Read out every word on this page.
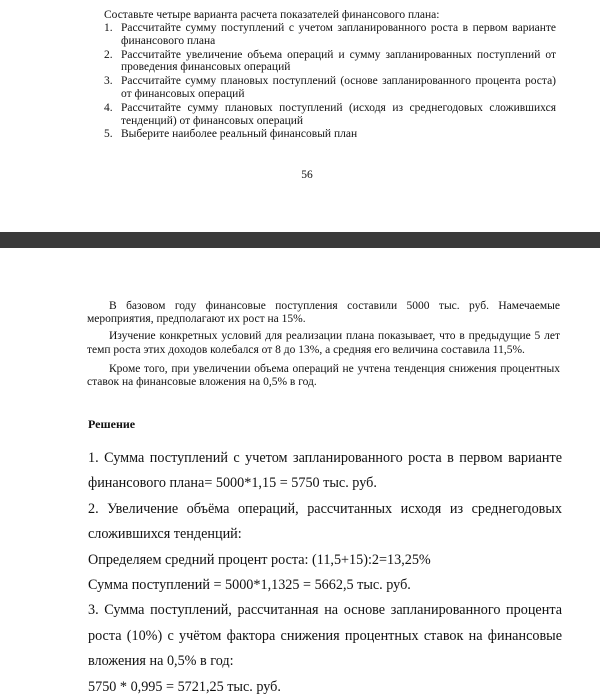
Составьте четыре варианта расчета показателей финансового плана:
1. Рассчитайте сумму поступлений с учетом запланированного роста в первом варианте финансового плана
2. Рассчитайте увеличение объема операций и сумму запланированных поступлений от проведения финансовых операций
3. Рассчитайте сумму плановых поступлений (основе запланированного процента роста) от финансовых операций
4. Рассчитайте сумму плановых поступлений (исходя из среднегодовых сложившихся тенденций) от финансовых операций
5. Выберите наиболее реальный финансовый план
56

В базовом году финансовые поступления составили 5000 тыс. руб. Намечаемые мероприятия, предполагают их рост на 15%.

Изучение конкретных условий для реализации плана показывает, что в предыдущие 5 лет темп роста этих доходов колебался от 8 до 13%, а средняя его величина составила 11,5%.

Кроме того, при увеличении объема операций не учтена тенденция снижения процентных ставок на финансовые вложения на 0,5% в год.

Решение

1. Сумма поступлений с учетом запланированного роста в первом варианте финансового плана= 5000*1,15 = 5750 тыс. руб.

2. Увеличение объёма операций, рассчитанных исходя из среднегодовых сложившихся тенденций:

Определяем средний процент роста: (11,5+15):2=13,25%

Сумма поступлений = 5000*1,1325 = 5662,5 тыс. руб.

3. Сумма поступлений, рассчитанная на основе запланированного процента роста (10%) с учётом фактора снижения процентных ставок на финансовые вложения на 0,5% в год:

5750 * 0,995 = 5721,25 тыс. руб.
